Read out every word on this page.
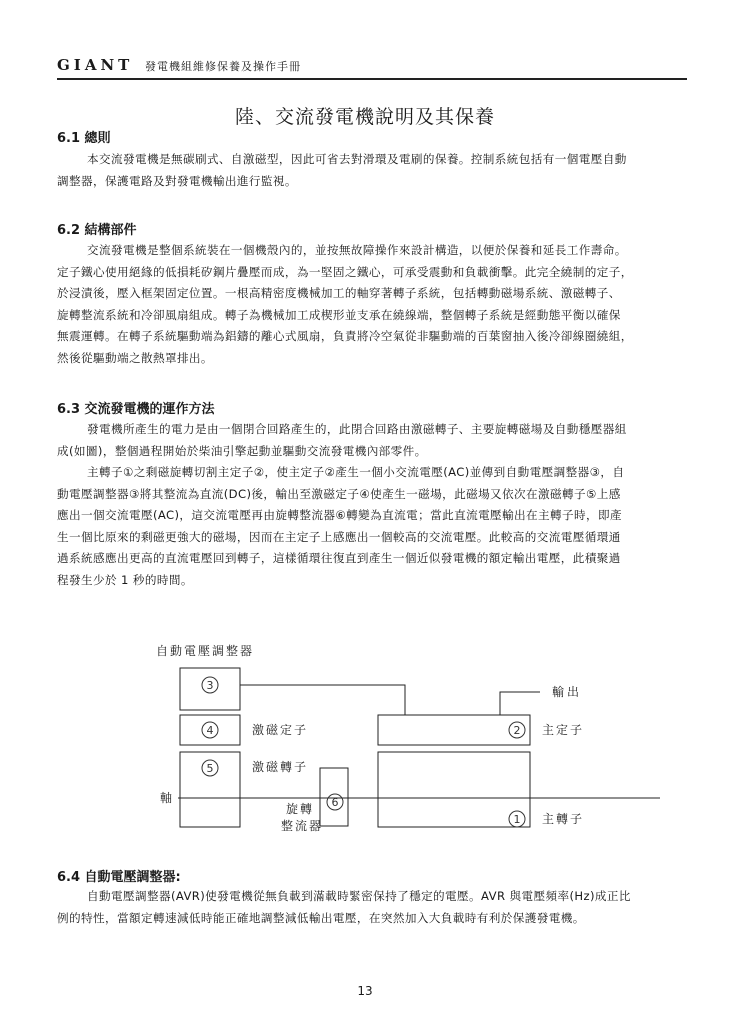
GIANT 發電機組維修保養及操作手冊
陸、交流發電機說明及其保養
6.1 總則
本交流發電機是無碳刷式、自激磁型，因此可省去對滑環及電刷的保養。控制系統包括有一個電壓自動
調整器，保護電路及對發電機輸出進行監視。
6.2 結構部件
交流發電機是整個系統裝在一個機殼內的，並按無故障操作來設計構造，以便於保養和延長工作壽命。
定子鐵心使用絕緣的低損耗矽鋼片疊壓而成，為一堅固之鐵心，可承受震動和負載衝擊。此完全繞制的定子，
於浸漬後，壓入框架固定位置。一根高精密度機械加工的軸穿著轉子系統，包括轉動磁場系統、激磁轉子、
旋轉整流系統和冷卻風扇組成。轉子為機械加工成楔形並支承在繞線端，整個轉子系統是經動態平衡以確保
無震運轉。在轉子系統驅動端為鋁鑄的離心式風扇，負責將冷空氣從非驅動端的百葉窗抽入後冷卻線圈繞組，
然後從驅動端之散熱罩排出。
6.3 交流發電機的運作方法
發電機所產生的電力是由一個閉合回路產生的，此閉合回路由激磁轉子、主要旋轉磁場及自動穩壓器組
成(如圖)，整個過程開始於柴油引擎起動並驅動交流發電機內部零件。
主轉子①之剩磁旋轉切割主定子②，使主定子②產生一個小交流電壓(AC)並傳到自動電壓調整器③，自
動電壓調整器③將其整流為直流(DC)後，輸出至激磁定子④使產生一磁場，此磁場又依次在激磁轉子⑤上感
應出一個交流電壓(AC)，這交流電壓再由旋轉整流器⑥轉變為直流電；當此直流電壓輸出在主轉子時，即產
生一個比原來的剩磁更強大的磁場，因而在主定子上感應出一個較高的交流電壓。此較高的交流電壓循環通
過系統感應出更高的直流電壓回到轉子，這樣循環往復直到產生一個近似發電機的額定輸出電壓，此積聚過
程發生少於 1 秒的時間。
3
4
5
6
2
1
自動電壓調整器
輸出
激磁定子
激磁轉子
軸
旋轉
整流器
主定子
主轉子
6.4 自動電壓調整器:
自動電壓調整器(AVR)使發電機從無負載到滿載時緊密保持了穩定的電壓。AVR 與電壓頻率(Hz)成正比
例的特性，當額定轉速減低時能正確地調整減低輸出電壓，在突然加入大負載時有利於保護發電機。
13
